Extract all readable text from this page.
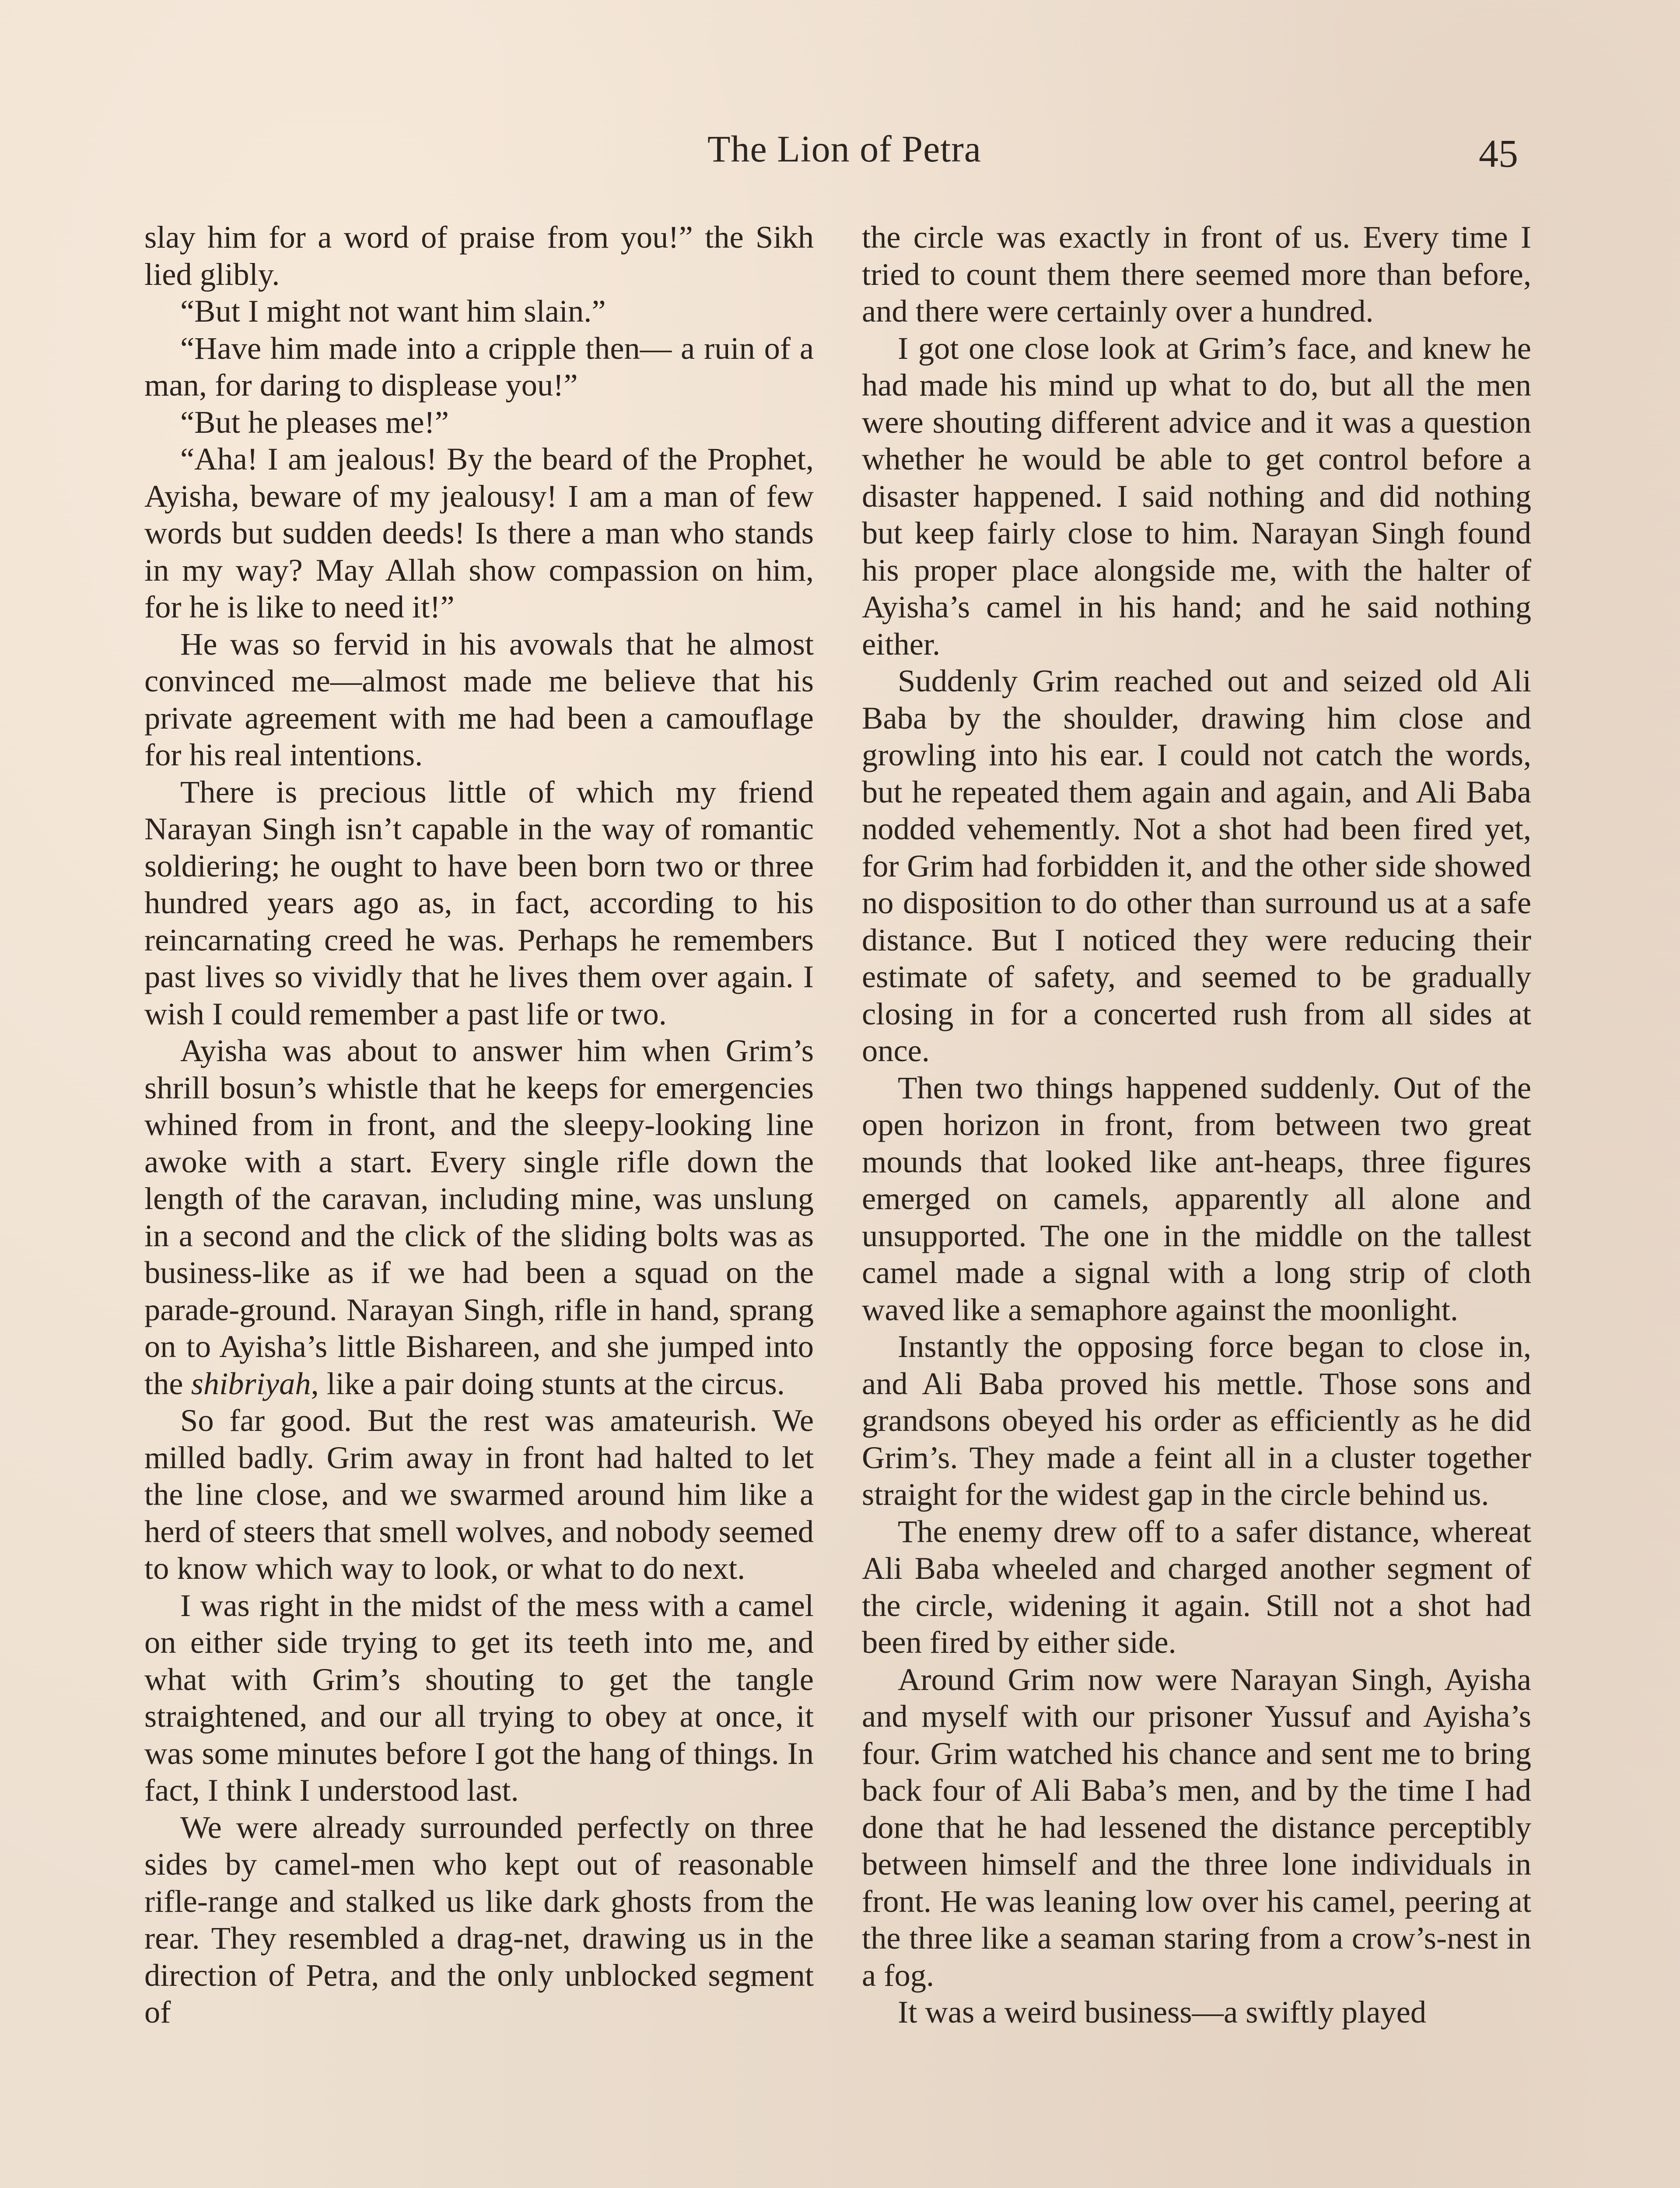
The Lion of Petra	45

slay him for a word of praise from you!” the Sikh lied glibly.

“But I might not want him slain.”

“Have him made into a cripple then— a ruin of a man, for daring to displease you!”

“But he pleases me!”

“Aha! I am jealous! By the beard of the Prophet, Ayisha, beware of my jealousy! I am a man of few words but sudden deeds! Is there a man who stands in my way? May Allah show compassion on him, for he is like to need it!”

He was so fervid in his avowals that he almost convinced me—almost made me believe that his private agreement with me had been a camouflage for his real intentions.

There is precious little of which my friend Narayan Singh isn’t capable in the way of romantic soldiering; he ought to have been born two or three hundred years ago as, in fact, according to his reincarnating creed he was. Perhaps he remembers past lives so vividly that he lives them over again. I wish I could remember a past life or two.

Ayisha was about to answer him when Grim’s shrill bosun’s whistle that he keeps for emergencies whined from in front, and the sleepy-looking line awoke with a start. Every single rifle down the length of the caravan, including mine, was unslung in a second and the click of the sliding bolts was as business-like as if we had been a squad on the parade-ground. Narayan Singh, rifle in hand, sprang on to Ayisha’s little Bishareen, and she jumped into the shibriyah, like a pair doing stunts at the circus.

So far good. But the rest was amateurish. We milled badly. Grim away in front had halted to let the line close, and we swarmed around him like a herd of steers that smell wolves, and nobody seemed to know which way to look, or what to do next.

I was right in the midst of the mess with a camel on either side trying to get its teeth into me, and what with Grim’s shouting to get the tangle straightened, and our all trying to obey at once, it was some minutes before I got the hang of things. In fact, I think I understood last.

We were already surrounded perfectly on three sides by camel-men who kept out of reasonable rifle-range and stalked us like dark ghosts from the rear. They resembled a drag-net, drawing us in the direction of Petra, and the only unblocked segment of

the circle was exactly in front of us. Every time I tried to count them there seemed more than before, and there were certainly over a hundred.

I got one close look at Grim’s face, and knew he had made his mind up what to do, but all the men were shouting different advice and it was a question whether he would be able to get control before a disaster happened. I said nothing and did nothing but keep fairly close to him. Narayan Singh found his proper place alongside me, with the halter of Ayisha’s camel in his hand; and he said nothing either.

Suddenly Grim reached out and seized old Ali Baba by the shoulder, drawing him close and growling into his ear. I could not catch the words, but he repeated them again and again, and Ali Baba nodded vehemently. Not a shot had been fired yet, for Grim had forbidden it, and the other side showed no disposition to do other than surround us at a safe distance. But I noticed they were reducing their estimate of safety, and seemed to be gradually closing in for a concerted rush from all sides at once.

Then two things happened suddenly. Out of the open horizon in front, from between two great mounds that looked like ant-heaps, three figures emerged on camels, apparently all alone and unsupported. The one in the middle on the tallest camel made a signal with a long strip of cloth waved like a semaphore against the moonlight.

Instantly the opposing force began to close in, and Ali Baba proved his mettle. Those sons and grandsons obeyed his order as efficiently as he did Grim’s. They made a feint all in a cluster together straight for the widest gap in the circle behind us.

The enemy drew off to a safer distance, whereat Ali Baba wheeled and charged another segment of the circle, widening it again. Still not a shot had been fired by either side.

Around Grim now were Narayan Singh, Ayisha and myself with our prisoner Yussuf and Ayisha’s four. Grim watched his chance and sent me to bring back four of Ali Baba’s men, and by the time I had done that he had lessened the distance perceptibly between himself and the three lone individuals in front. He was leaning low over his camel, peering at the three like a seaman staring from a crow’s-nest in a fog.

It was a weird business—a swiftly played
